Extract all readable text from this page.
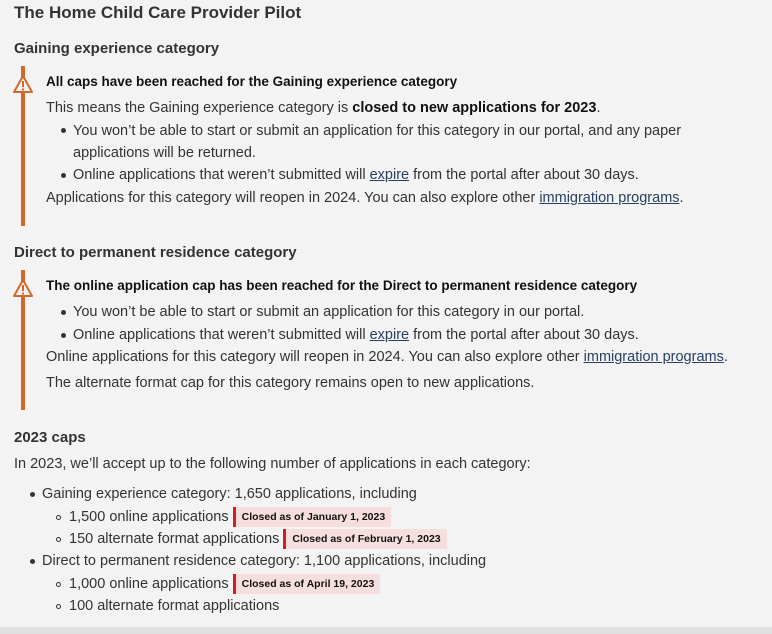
The Home Child Care Provider Pilot
Gaining experience category
All caps have been reached for the Gaining experience category
This means the Gaining experience category is closed to new applications for 2023.
You won’t be able to start or submit an application for this category in our portal, and any paper
applications will be returned.
Online applications that weren’t submitted will expire from the portal after about 30 days.
Applications for this category will reopen in 2024. You can also explore other immigration programs.
Direct to permanent residence category
The online application cap has been reached for the Direct to permanent residence category
You won’t be able to start or submit an application for this category in our portal.
Online applications that weren’t submitted will expire from the portal after about 30 days.
Online applications for this category will reopen in 2024. You can also explore other immigration programs.
The alternate format cap for this category remains open to new applications.
2023 caps
In 2023, we’ll accept up to the following number of applications in each category:
Gaining experience category: 1,650 applications, including
1,500 online applications Closed as of January 1, 2023
150 alternate format applications Closed as of February 1, 2023
Direct to permanent residence category: 1,100 applications, including
1,000 online applications Closed as of April 19, 2023
100 alternate format applications
